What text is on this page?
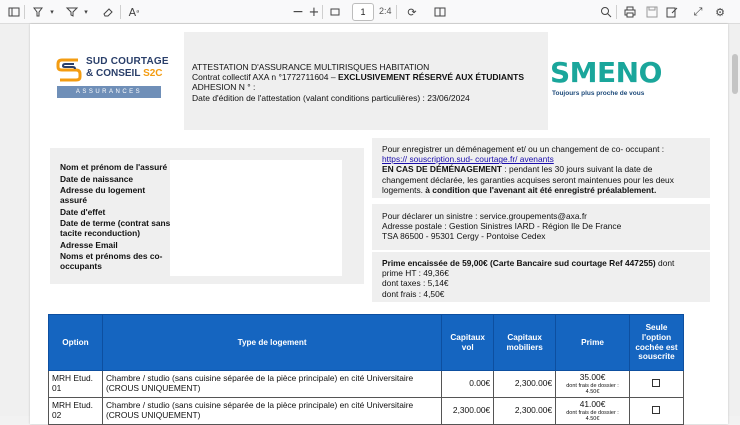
▾	▾	A ᵃ	− +	1	2:4	⟳	⤢	⚙
SUD COURTAGE
& CONSEIL S2C
ASSURANCES
ATTESTATION D'ASSURANCE MULTIRISQUES HABITATION
Contrat collectif AXA n °1772711604 – EXCLUSIVEMENT RÉSERVÉ AUX ÉTUDIANTS
ADHESION N ° :
Date d'édition de l'attestation (valant conditions particulières) : 23/06/2024
SMENO
Toujours plus proche de vous
Nom et prénom de l'assuré
Date de naissance
Adresse du logement assuré
Date d'effet
Date de terme (contrat sans tacite reconduction)
Adresse Email
Noms et prénoms des co-occupants
Pour enregistrer un déménagement et/ ou un changement de co- occupant :
https:// souscription.sud- courtage.fr/ avenants
EN CAS DE DÉMÉNAGEMENT : pendant les 30 jours suivant la date de changement déclarée, les garanties acquises seront maintenues pour les deux logements. à condition que l'avenant ait été enregistré préalablement.
Pour déclarer un sinistre : service.groupements@axa.fr
Adresse postale : Gestion Sinistres IARD - Région Ile De France
TSA 86500 - 95301 Cergy - Pontoise Cedex
Prime encaissée de 59,00€ (Carte Bancaire sud courtage Ref 447255) dont
prime HT : 49,36€
dont taxes : 5,14€
dont frais : 4,50€
Option	Type de logement	Capitaux vol	Capitaux mobiliers	Prime	Seule l'option cochée est souscrite
MRH Etud. 01	Chambre / studio (sans cuisine séparée de la pièce principale) en cité Universitaire (CROUS UNIQUEMENT)	0.00€	2,300.00€	35.00€
dont frais de dossier : 4.50€	

MRH Etud. 02	Chambre / studio (sans cuisine séparée de la pièce principale) en cité Universitaire (CROUS UNIQUEMENT)	2,300.00€	2,300.00€	41.00€
dont frais de dossier : 4.50€	
